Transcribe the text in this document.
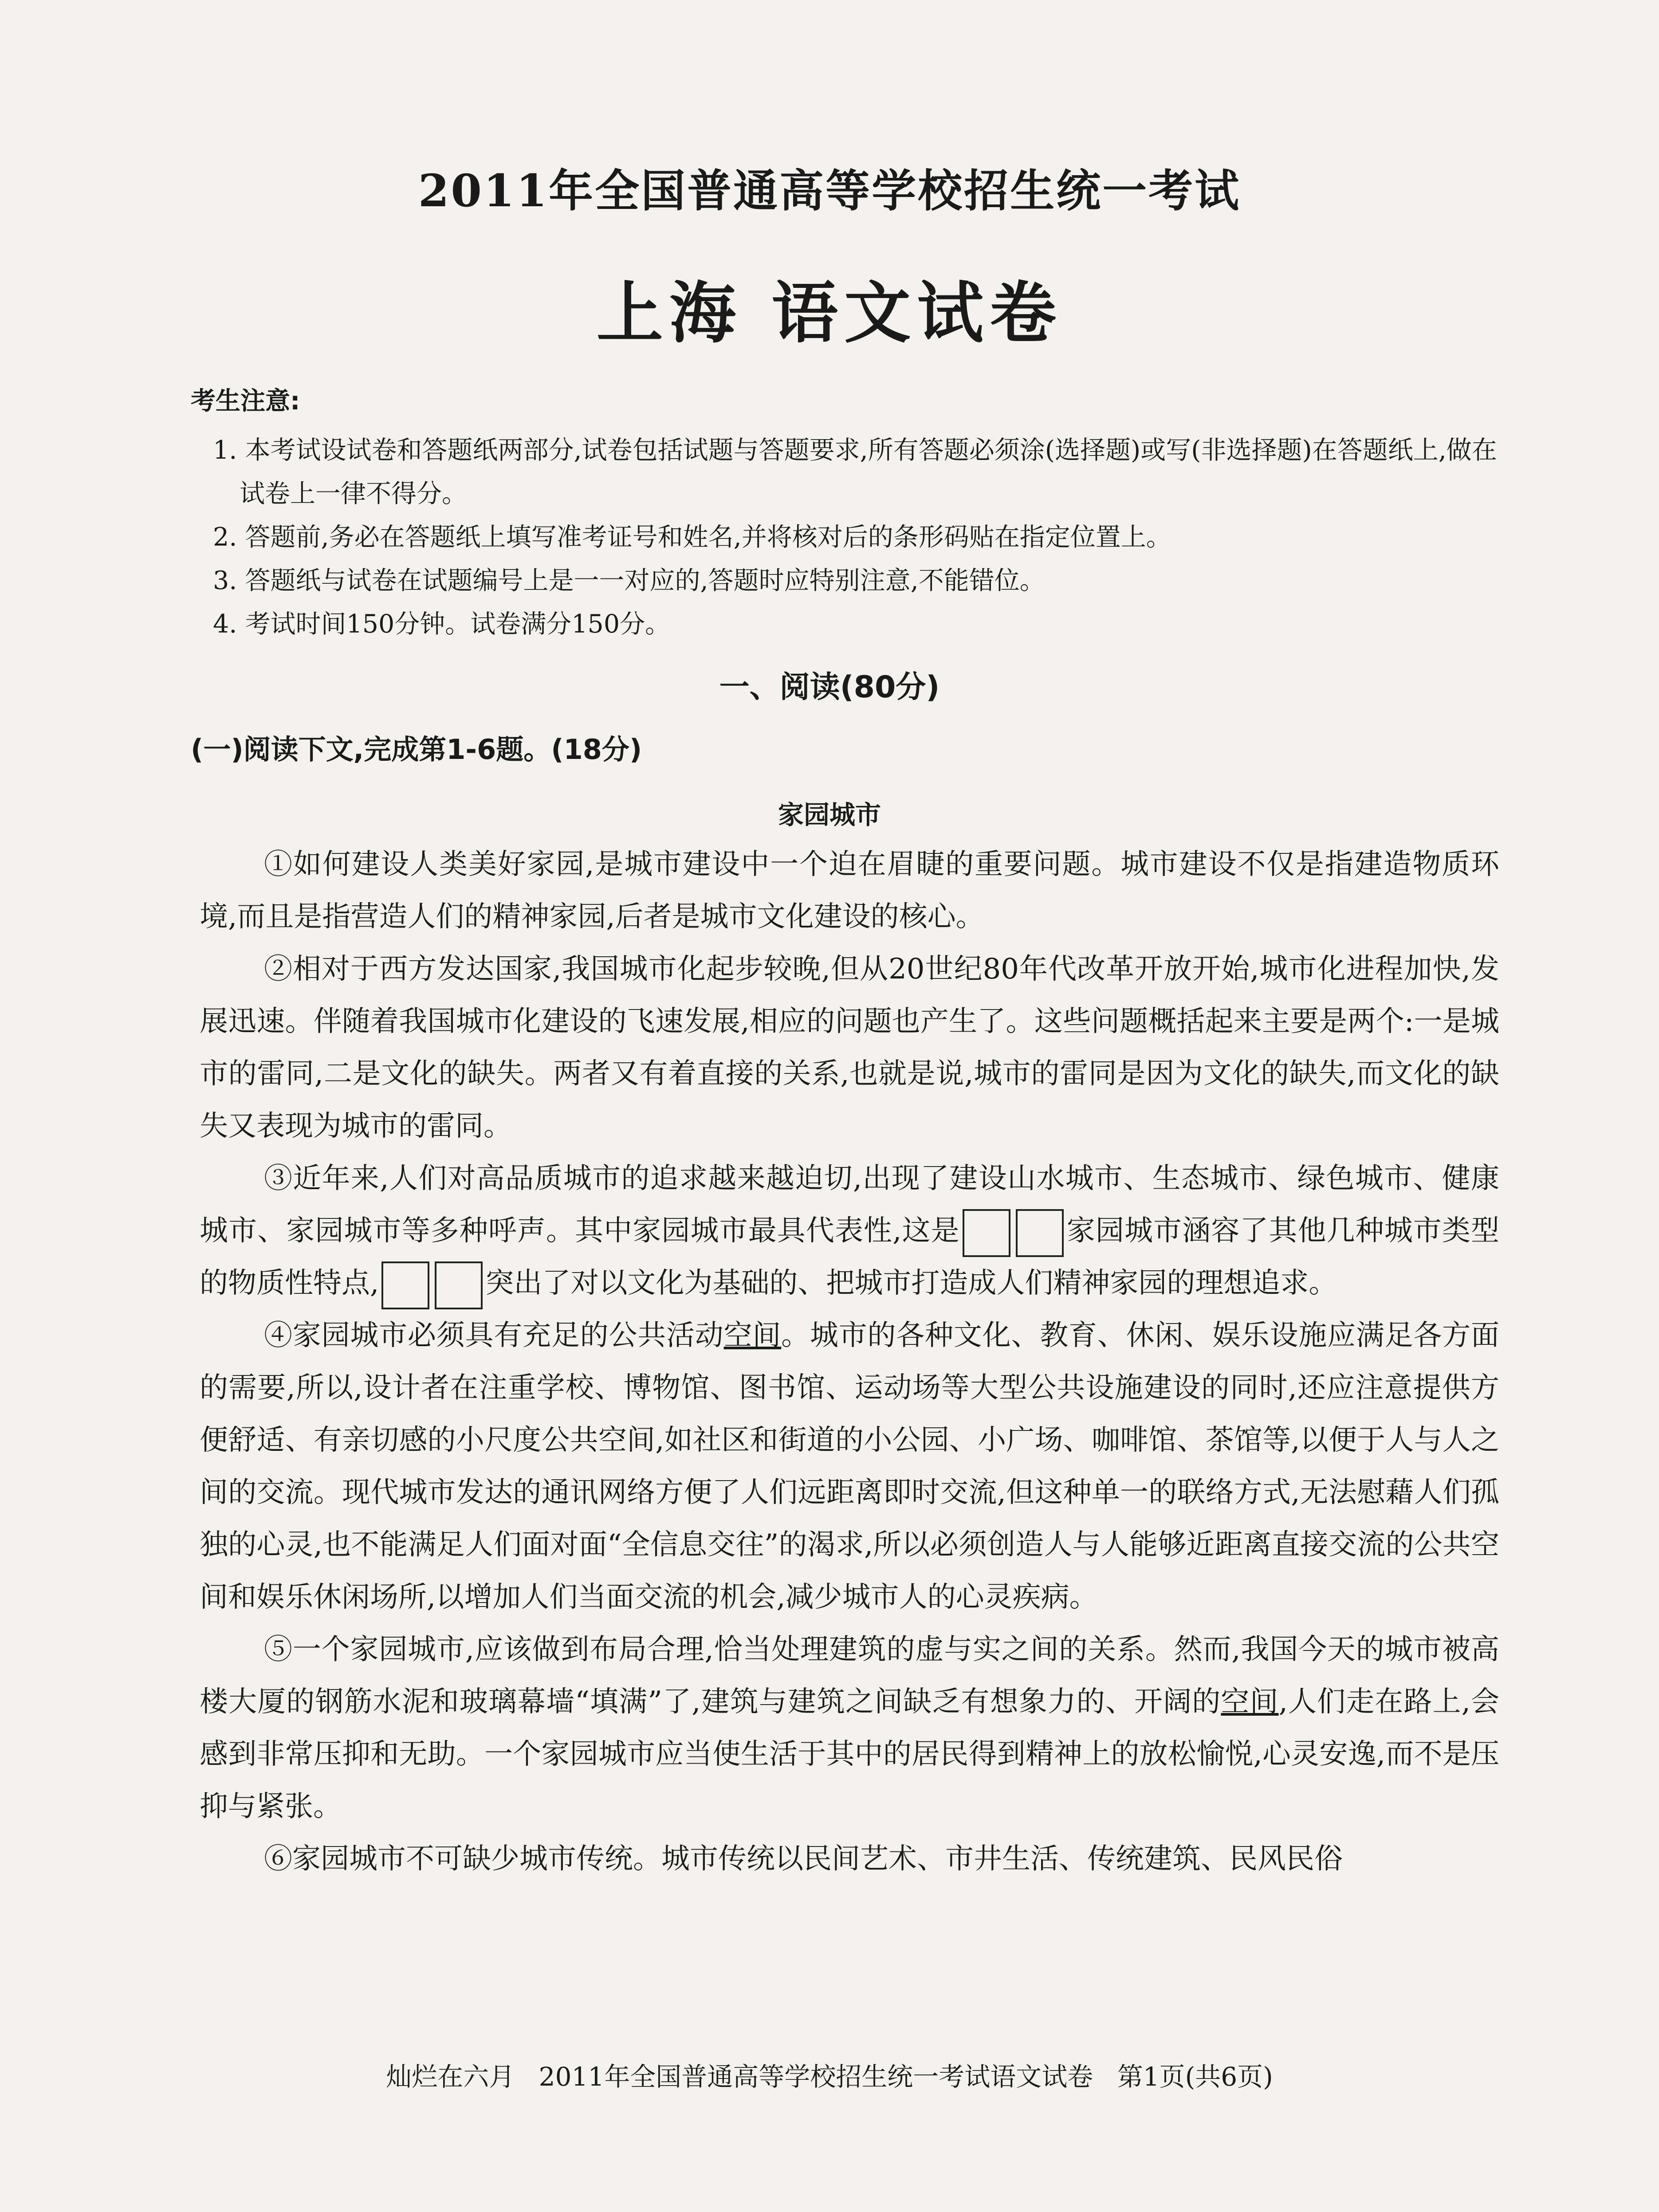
2011年全国普通高等学校招生统一考试
上海 语文试卷
考生注意:
1. 本考试设试卷和答题纸两部分,试卷包括试题与答题要求,所有答题必须涂(选择题)或写(非选择题)在答题纸上,做在试卷上一律不得分。
2. 答题前,务必在答题纸上填写准考证号和姓名,并将核对后的条形码贴在指定位置上。
3. 答题纸与试卷在试题编号上是一一对应的,答题时应特别注意,不能错位。
4. 考试时间150分钟。试卷满分150分。
一、阅读(80分)
(一)阅读下文,完成第1-6题。(18分)
家园城市

①如何建设人类美好家园,是城市建设中一个迫在眉睫的重要问题。城市建设不仅是指建造物质环境,而且是指营造人们的精神家园,后者是城市文化建设的核心。

②相对于西方发达国家,我国城市化起步较晚,但从20世纪80年代改革开放开始,城市化进程加快,发展迅速。伴随着我国城市化建设的飞速发展,相应的问题也产生了。这些问题概括起来主要是两个:一是城市的雷同,二是文化的缺失。两者又有着直接的关系,也就是说,城市的雷同是因为文化的缺失,而文化的缺失又表现为城市的雷同。

③近年来,人们对高品质城市的追求越来越迫切,出现了建设山水城市、生态城市、绿色城市、健康城市、家园城市等多种呼声。其中家园城市最具代表性,这是	家园城市涵容了其他几种城市类型的物质性特点,	突出了对以文化为基础的、把城市打造成人们精神家园的理想追求。

④家园城市必须具有充足的公共活动空间。城市的各种文化、教育、休闲、娱乐设施应满足各方面的需要,所以,设计者在注重学校、博物馆、图书馆、运动场等大型公共设施建设的同时,还应注意提供方便舒适、有亲切感的小尺度公共空间,如社区和街道的小公园、小广场、咖啡馆、茶馆等,以便于人与人之间的交流。现代城市发达的通讯网络方便了人们远距离即时交流,但这种单一的联络方式,无法慰藉人们孤独的心灵,也不能满足人们面对面“全信息交往”的渴求,所以必须创造人与人能够近距离直接交流的公共空间和娱乐休闲场所,以增加人们当面交流的机会,减少城市人的心灵疾病。

⑤一个家园城市,应该做到布局合理,恰当处理建筑的虚与实之间的关系。然而,我国今天的城市被高楼大厦的钢筋水泥和玻璃幕墙“填满”了,建筑与建筑之间缺乏有想象力的、开阔的空间,人们走在路上,会感到非常压抑和无助。一个家园城市应当使生活于其中的居民得到精神上的放松愉悦,心灵安逸,而不是压抑与紧张。

⑥家园城市不可缺少城市传统。城市传统以民间艺术、市井生活、传统建筑、民风民俗

灿烂在六月 2011年全国普通高等学校招生统一考试语文试卷 第1页(共6页)
